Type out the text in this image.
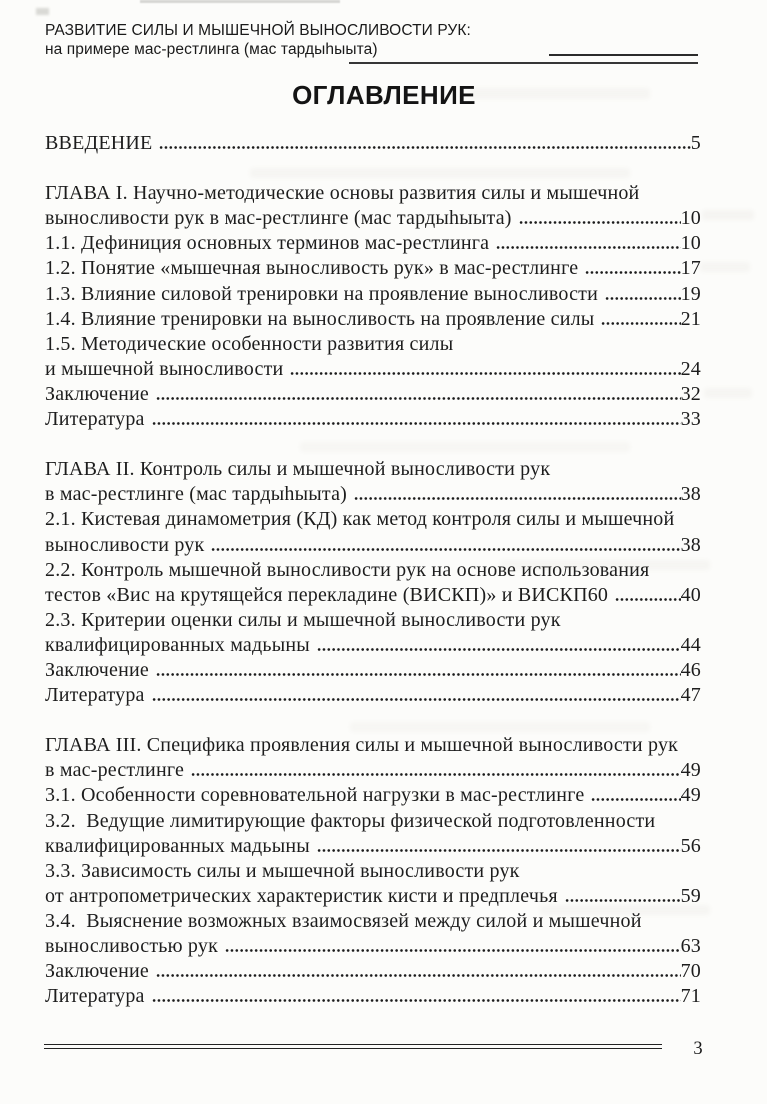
РАЗВИТИЕ СИЛЫ И МЫШЕЧНОЙ ВЫНОСЛИВОСТИ РУК:
на примере мас-рестлинга (мас тардыһыыта)
ОГЛАВЛЕНИЕ
ВВЕДЕНИЕ	5
ГЛАВА I. Научно-методические основы развития силы и мышечной
выносливости рук в мас-рестлинге (мас тардыһыыта)	10
1.1. Дефиниция основных терминов мас-рестлинга	10
1.2. Понятие «мышечная выносливость рук» в мас-рестлинге	17
1.3. Влияние силовой тренировки на проявление выносливости	19
1.4. Влияние тренировки на выносливость на проявление силы	21
1.5. Методические особенности развития силы
и мышечной выносливости	24
Заключение	32
Литература	33
ГЛАВА II. Контроль силы и мышечной выносливости рук
в мас-рестлинге (мас тардыһыыта)	38
2.1. Кистевая динамометрия (КД) как метод контроля силы и мышечной
выносливости рук	38
2.2. Контроль мышечной выносливости рук на основе использования
тестов «Вис на крутящейся перекладине (ВИСКП)» и ВИСКП60	40
2.3. Критерии оценки силы и мышечной выносливости рук
квалифицированных мадьыны	44
Заключение	46
Литература	47
ГЛАВА III. Специфика проявления силы и мышечной выносливости рук
в мас-рестлинге	49
3.1. Особенности соревновательной нагрузки в мас-рестлинге	49
3.2.  Ведущие лимитирующие факторы физической подготовленности
квалифицированных мадьыны	56
3.3. Зависимость силы и мышечной выносливости рук
от антропометрических характеристик кисти и предплечья	59
3.4.  Выяснение возможных взаимосвязей между силой и мышечной
выносливостью рук	63
Заключение	70
Литература	71
3
